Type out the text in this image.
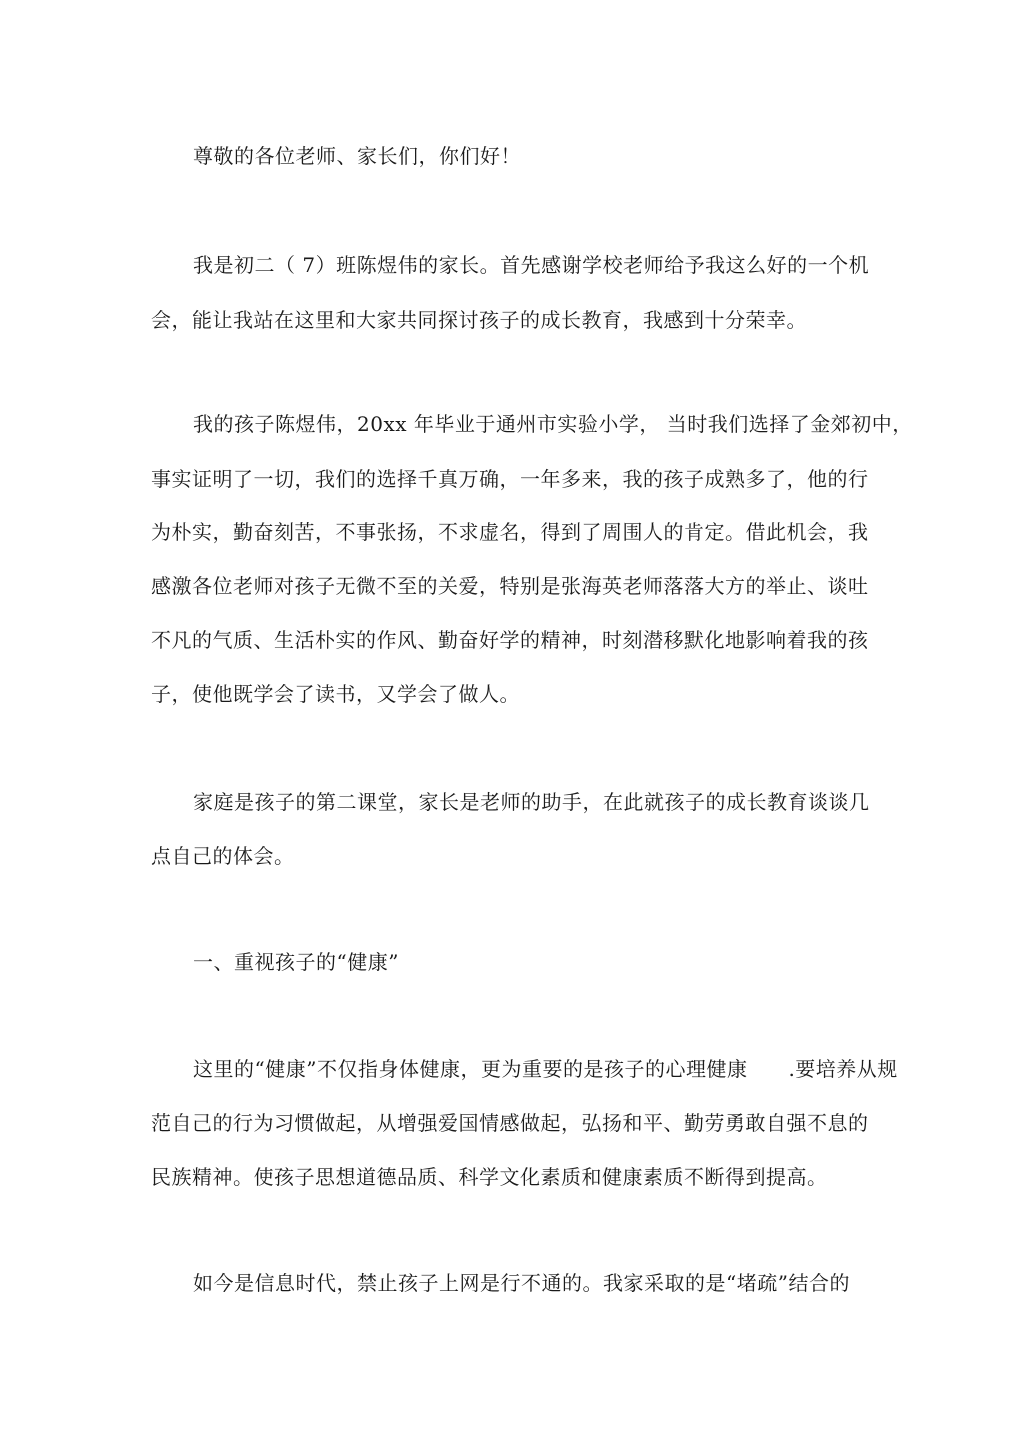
尊敬的各位老师、家长们，你们好！
我是初二（ 7）班陈煜伟的家长。首先感谢学校老师给予我这么好的一个机
会，能让我站在这里和大家共同探讨孩子的成长教育，我感到十分荣幸。
我的孩子陈煜伟，20xx 年毕业于通州市实验小学， 当时我们选择了金郊初中，
事实证明了一切，我们的选择千真万确，一年多来，我的孩子成熟多了，他的行
为朴实，勤奋刻苦，不事张扬，不求虚名，得到了周围人的肯定。借此机会，我
感激各位老师对孩子无微不至的关爱，特别是张海英老师落落大方的举止、谈吐
不凡的气质、生活朴实的作风、勤奋好学的精神，时刻潜移默化地影响着我的孩
子，使他既学会了读书，又学会了做人。
家庭是孩子的第二课堂，家长是老师的助手，在此就孩子的成长教育谈谈几
点自己的体会。
一、重视孩子的“健康”
这里的“健康”不仅指身体健康，更为重要的是孩子的心理健康　　.要培养从规
范自己的行为习惯做起，从增强爱国情感做起，弘扬和平、勤劳勇敢自强不息的
民族精神。使孩子思想道德品质、科学文化素质和健康素质不断得到提高。
如今是信息时代，禁止孩子上网是行不通的。我家采取的是“堵疏”结合的
